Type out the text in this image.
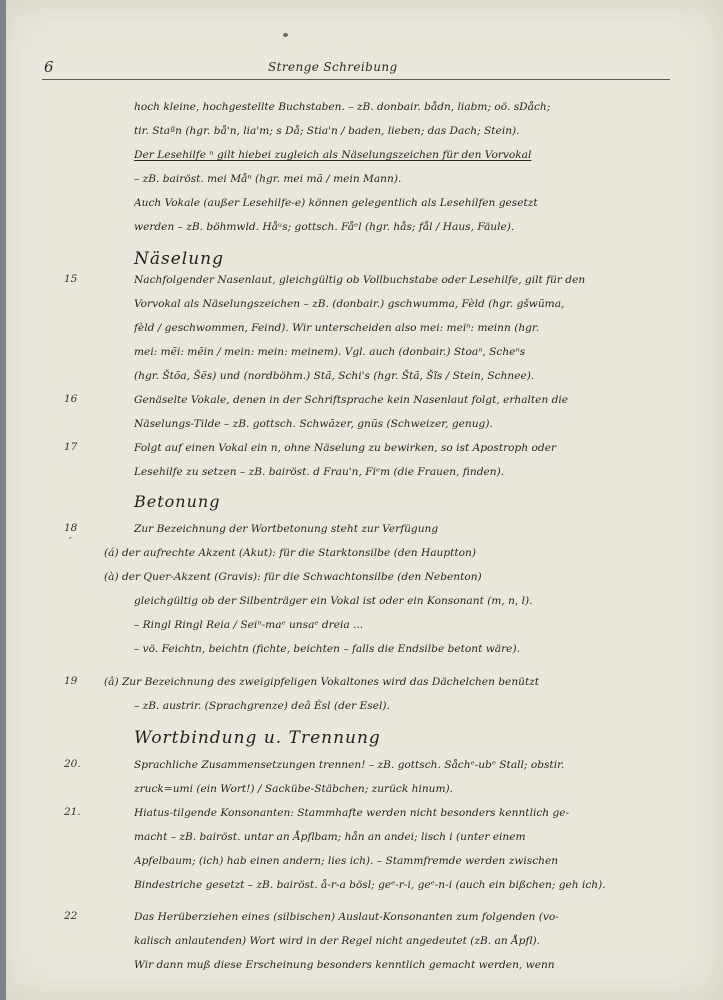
6	Strenge Schreibung
hoch kleine, hochgestellte Buchstaben. – zB. donbair. bådn, liabm; oö. sDåch;
tir. Staªn (hgr. bå'n, lia'm; s Då; Stia'n / baden, lieben; das Dach; Stein).
Der Lesehilfe ⁿ gilt hiebei zugleich als Näselungszeichen für den Vorvokal
– zB. bairöst. mei Måⁿ (hgr. mei mã / mein Mann).
Auch Vokale (außer Lesehilfe-e) können gelegentlich als Lesehilfen gesetzt
werden – zB. böhmwld. Håᵘs; gottsch. Fåᵉl (hgr. hås; fål / Haus, Fäule).
Näselung
15	Nachfolgender Nasenlaut, gleichgültig ob Vollbuchstabe oder Lesehilfe, gilt für den
Vorvokal als Näselungszeichen – zB. (donbair.) gschwumma, Fèld (hgr. gšwũma,
fèld / geschwommen, Feind). Wir unterscheiden also mei: meiⁿ: meinn (hgr.
mei: mẽi: mẽin / mein: mein: meinem). Vgl. auch (donbair.) Stoaⁿ, Scheⁿs
(hgr. Štõa, Šẽs) und (nordböhm.) Stã, Schi's (hgr. Štã, Šĩs / Stein, Schnee).
16	Genäselte Vokale, denen in der Schriftsprache kein Nasenlaut folgt, erhalten die
Näselungs-Tilde – zB. gottsch. Schwãzer, gnũs (Schweizer, genug).
17	Folgt auf einen Vokal ein n, ohne Näselung zu bewirken, so ist Apostroph oder
Lesehilfe zu setzen – zB. bairöst. d Frau'n, Fiᵉm (die Frauen, finden).
Betonung
18
ˊ
Zur Bezeichnung der Wortbetonung steht zur Verfügung
(á) der aufrechte Akzent (Akut): für die Starktonsilbe (den Hauptton)
(à) der Quer-Akzent (Gravis): für die Schwachtonsilbe (den Nebenton)
gleichgültig ob der Silbenträger ein Vokal ist oder ein Konsonant (m, n, l).
– Ringl Ringl Reia / Seiⁿ-maᵉ unsaᵉ dreia ...
– vö. Feichtn, beichtn (fichte, beichten – falls die Endsilbe betont wäre).
19	(â) Zur Bezeichnung des zweigipfeligen Vokaltones wird das Dächelchen benützt
– zB. austrir. (Sprachgrenze) deâ Ésl (der Esel).
Wortbindung u. Trennung
20.	Sprachliche Zusammensetzungen trennen! – zB. gottsch. Såchᵉ-ubᵉ Stall; obstir.
zruck=umi (ein Wort!) / Sackübe-Stäbchen; zurück hinum).
21.	Hiatus-tilgende Konsonanten: Stammhafte werden nicht besonders kenntlich ge-
macht – zB. bairöst. untar an Åpflbam; hån an andei; lisch i (unter einem
Apfelbaum; (ich) hab einen andern; lies ich). – Stammfremde werden zwischen
Bindestriche gesetzt – zB. bairöst. å-r-a bösl; geᵉ-r-i, geᵉ-n-i (auch ein bißchen; geh ich).
22	Das Herüberziehen eines (silbischen) Auslaut-Konsonanten zum folgenden (vo-
kalisch anlautenden) Wort wird in der Regel nicht angedeutet (zB. an Åpfl).
Wir dann muß diese Erscheinung besonders kenntlich gemacht werden, wenn
